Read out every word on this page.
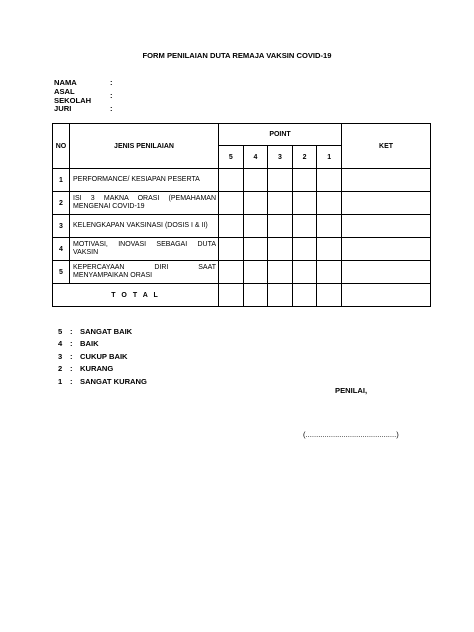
FORM PENILAIAN DUTA REMAJA VAKSIN COVID-19
NAMA	:
ASAL SEKOLAH	:
JURI	:
NO	JENIS PENILAIAN	POINT					KET
		5	4	3	2	1	
1	PERFORMANCE/ KESIAPAN PESERTA						
2	ISI 3 MAKNA ORASI (PEMAHAMAN MENGENAI COVID-19						
3	KELENGKAPAN VAKSINASI (DOSIS I & II)						
4	MOTIVASI, INOVASI SEBAGAI DUTA VAKSIN						
5	KEPERCAYAAN DIRI SAAT MENYAMPAIKAN ORASI						
T O T A L							
5	: SANGAT BAIK
4	: BAIK
3	: CUKUP BAIK
2	: KURANG
1	: SANGAT KURANG
PENILAI,
(...........................................)
